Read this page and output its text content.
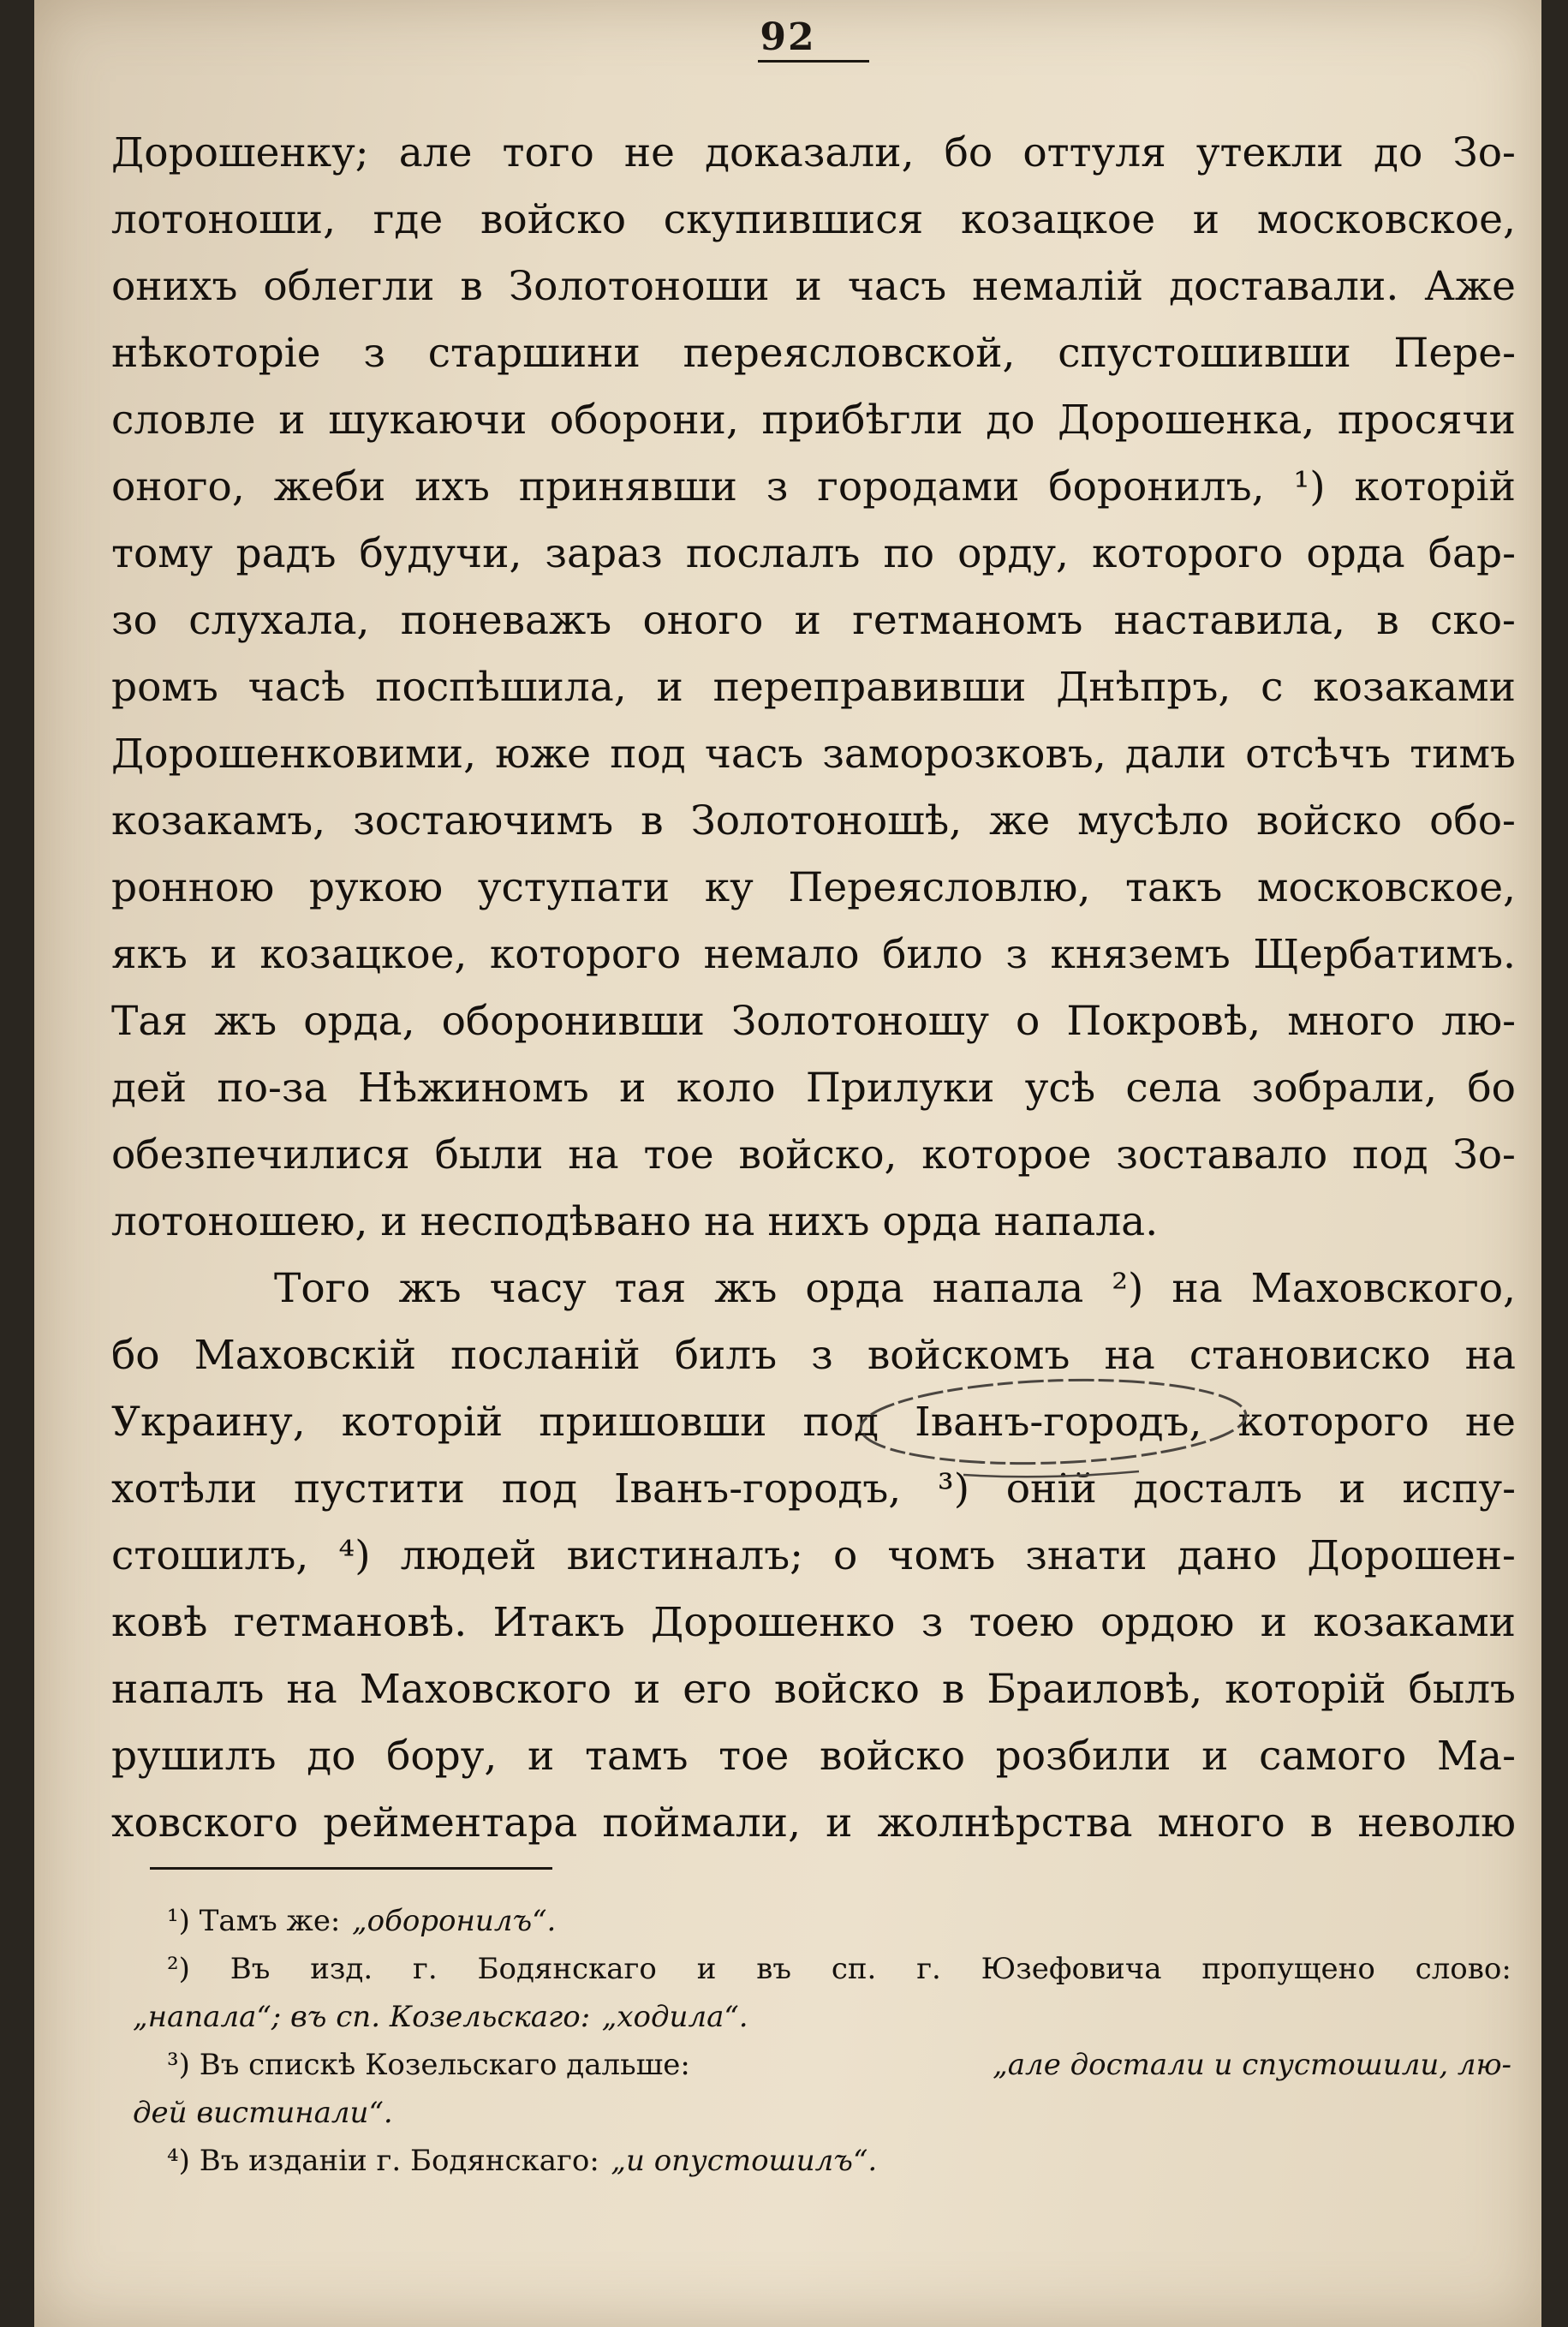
92
Дорошенку; але того не доказали, бо оттуля утекли до Зо-
лотоноши, где войско скупившися козацкое и московское,
онихъ облегли в Золотоноши и часъ немалій доставали. Аже
нѣкоторіе з старшини переясловской, спустошивши Пере-
словле и шукаючи оборони, прибѣгли до Дорошенка, просячи
оного, жеби ихъ принявши з городами боронилъ, ¹) которій
тому радъ будучи, зараз послалъ по орду, которого орда бар-
зо слухала, поневажъ оного и гетманомъ наставила, в ско-
ромъ часѣ поспѣшила, и переправивши Днѣпръ, с козаками
Дорошенковими, юже под часъ заморозковъ, дали отсѣчъ тимъ
козакамъ, зостаючимъ в Золотоношѣ, же мусѣло войско обо-
ронною рукою уступати ку Переясловлю, такъ московское,
якъ и козацкое, которого немало било з княземъ Щербатимъ.
Тая жъ орда, оборонивши Золотоношу о Покровѣ, много лю-
дей по-за Нѣжиномъ и коло Прилуки усѣ села зобрали, бо
обезпечилися были на тое войско, которое зоставало под Зо-
лотоношею, и несподѣвано на нихъ орда напала.
Того жъ часу тая жъ орда напала ²) на Маховского,
бо Маховскій посланій билъ з войскомъ на становиско на
Украину, которій пришовши под Іванъ-городъ, которого не
хотѣли пустити под Іванъ-городъ, ³) оній досталъ и испу-
стошилъ, ⁴) людей вистиналъ; о чомъ знати дано Дорошен-
ковѣ гетмановѣ. Итакъ Дорошенко з тоею ордою и козаками
напалъ на Маховского и его войско в Браиловѣ, которій былъ
рушилъ до бору, и тамъ тое войско розбили и самого Ма-
ховского рейментара поймали, и жолнѣрства много в неволю
¹) Тамъ же: „оборонилъ“.
²) Въ изд. г. Бодянскаго и въ сп. г. Юзефовича пропущено слово:
„напала“; въ сп. Козельскаго: „ходила“.
³) Въ спискѣ Козельскаго дальше:	„але достали и спустошили, лю-
дей вистинали“.
⁴) Въ изданіи г. Бодянскаго: „и опустошилъ“.
